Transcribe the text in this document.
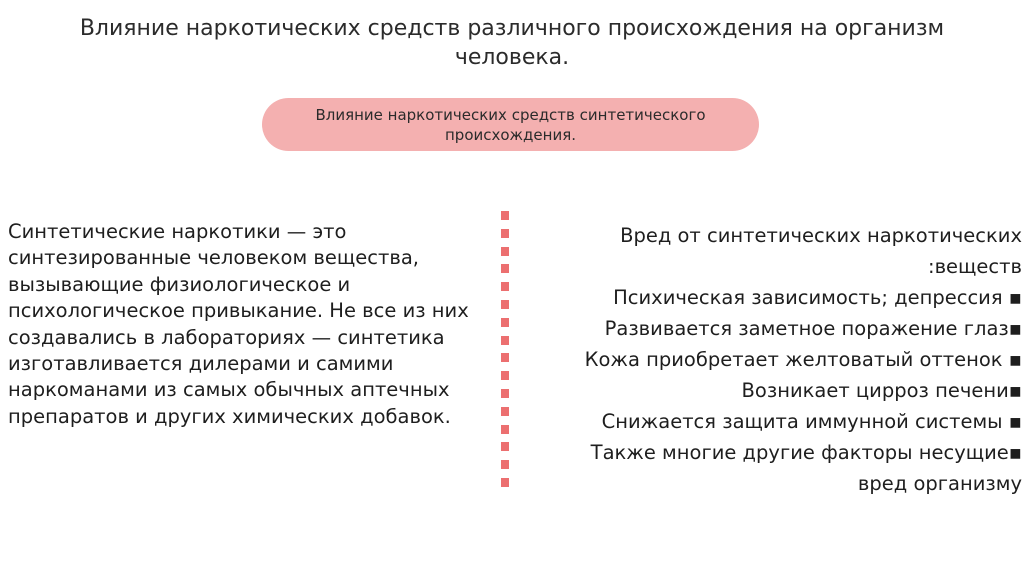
Влияние наркотических средств различного происхождения на организм человека.
Влияние наркотических средств синтетического происхождения.
Синтетические наркотики — это синтезированные человеком вещества, вызывающие физиологическое и психологическое привыкание. Не все из них создавались в лабораториях — синтетика изготавливается дилерами и самими наркоманами из самых обычных аптечных препаратов и других химических добавок.
Вред от синтетических наркотических
:веществ
Психическая зависимость; депрессия ▪
Развивается заметное поражение глаз▪
Кожа приобретает желтоватый оттенок ▪
Возникает цирроз печени▪
Снижается защита иммунной системы ▪
Также многие другие факторы несущие▪
вред организму
